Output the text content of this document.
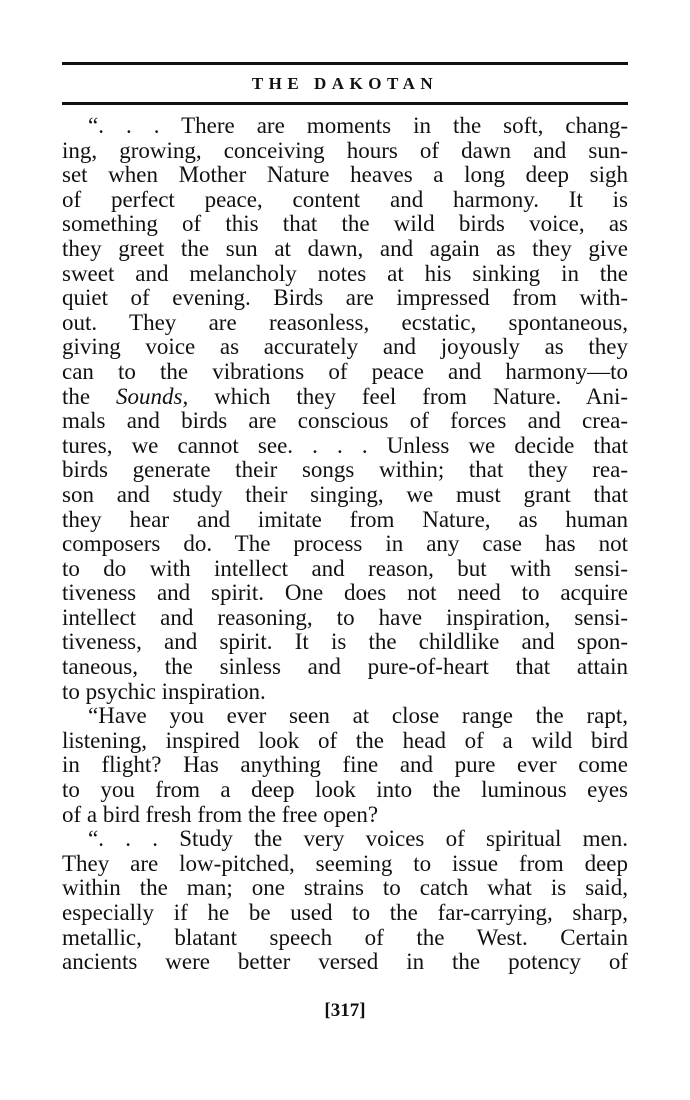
THE DAKOTAN
“. . . There are moments in the soft, chang-
ing, growing, conceiving hours of dawn and sun-
set when Mother Nature heaves a long deep sigh
of perfect peace, content and harmony. It is
something of this that the wild birds voice, as
they greet the sun at dawn, and again as they give
sweet and melancholy notes at his sinking in the
quiet of evening. Birds are impressed from with-
out. They are reasonless, ecstatic, spontaneous,
giving voice as accurately and joyously as they
can to the vibrations of peace and harmony—to
the Sounds, which they feel from Nature. Ani-
mals and birds are conscious of forces and crea-
tures, we cannot see. . . . Unless we decide that
birds generate their songs within; that they rea-
son and study their singing, we must grant that
they hear and imitate from Nature, as human
composers do. The process in any case has not
to do with intellect and reason, but with sensi-
tiveness and spirit. One does not need to acquire
intellect and reasoning, to have inspiration, sensi-
tiveness, and spirit. It is the childlike and spon-
taneous, the sinless and pure-of-heart that attain
to psychic inspiration.
“Have you ever seen at close range the rapt,
listening, inspired look of the head of a wild bird
in flight? Has anything fine and pure ever come
to you from a deep look into the luminous eyes
of a bird fresh from the free open?
“. . . Study the very voices of spiritual men.
They are low-pitched, seeming to issue from deep
within the man; one strains to catch what is said,
especially if he be used to the far-carrying, sharp,
metallic, blatant speech of the West. Certain
ancients were better versed in the potency of
[317]
